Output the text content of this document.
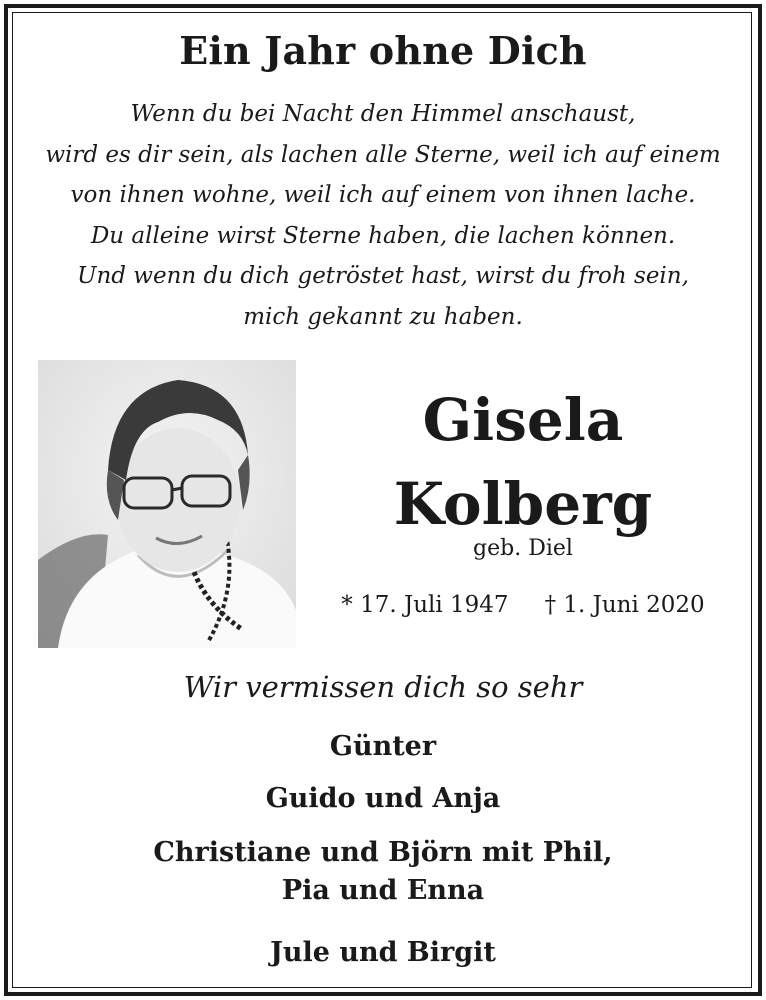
Ein Jahr ohne Dich
Wenn du bei Nacht den Himmel anschaust,
wird es dir sein, als lachen alle Sterne, weil ich auf einem
von ihnen wohne, weil ich auf einem von ihnen lache.
Du alleine wirst Sterne haben, die lachen können.
Und wenn du dich getröstet hast, wirst du froh sein,
mich gekannt zu haben.
Gisela
Kolberg
geb. Diel
* 17. Juli 1947 † 1. Juni 2020
Wir vermissen dich so sehr
Günter
Guido und Anja
Christiane und Björn mit Phil,
Pia und Enna
Jule und Birgit
